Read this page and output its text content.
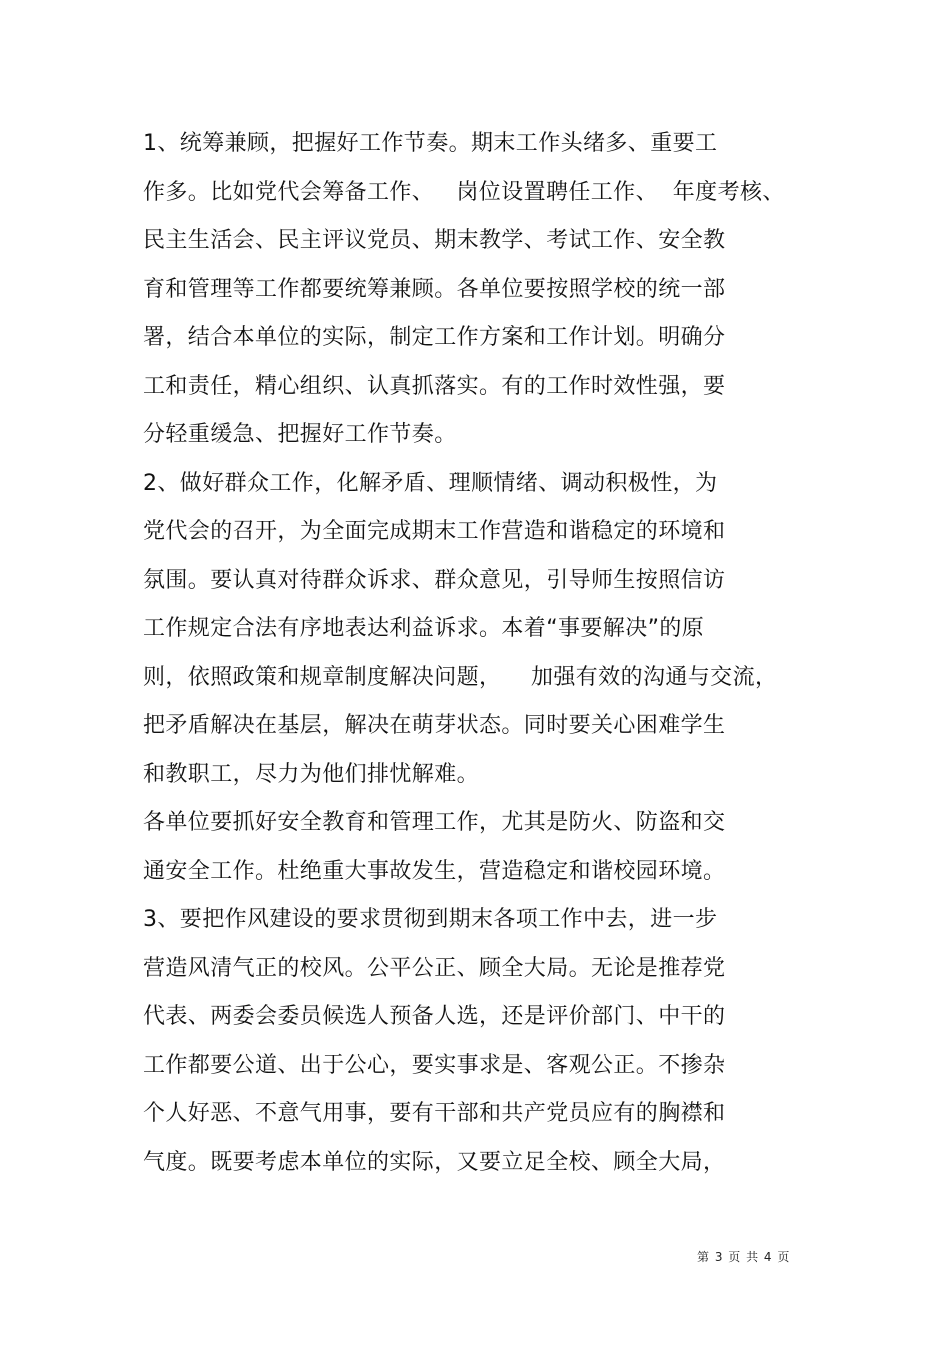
1、统筹兼顾，把握好工作节奏。期末工作头绪多、重要工
作多。比如党代会筹备工作、   岗位设置聘任工作、  年度考核、
民主生活会、民主评议党员、期末教学、考试工作、安全教
育和管理等工作都要统筹兼顾。各单位要按照学校的统一部
署，结合本单位的实际，制定工作方案和工作计划。明确分
工和责任，精心组织、认真抓落实。有的工作时效性强，要
分轻重缓急、把握好工作节奏。
2、做好群众工作，化解矛盾、理顺情绪、调动积极性，为
党代会的召开，为全面完成期末工作营造和谐稳定的环境和
氛围。要认真对待群众诉求、群众意见，引导师生按照信访
工作规定合法有序地表达利益诉求。本着“事要解决”的原
则，依照政策和规章制度解决问题，    加强有效的沟通与交流，
把矛盾解决在基层，解决在萌芽状态。同时要关心困难学生
和教职工，尽力为他们排忧解难。
各单位要抓好安全教育和管理工作，尤其是防火、防盗和交
通安全工作。杜绝重大事故发生，营造稳定和谐校园环境。
3、要把作风建设的要求贯彻到期末各项工作中去，进一步
营造风清气正的校风。公平公正、顾全大局。无论是推荐党
代表、两委会委员候选人预备人选，还是评价部门、中干的
工作都要公道、出于公心，要实事求是、客观公正。不掺杂
个人好恶、不意气用事，要有干部和共产党员应有的胸襟和
气度。既要考虑本单位的实际，又要立足全校、顾全大局，
第 3 页 共 4 页
